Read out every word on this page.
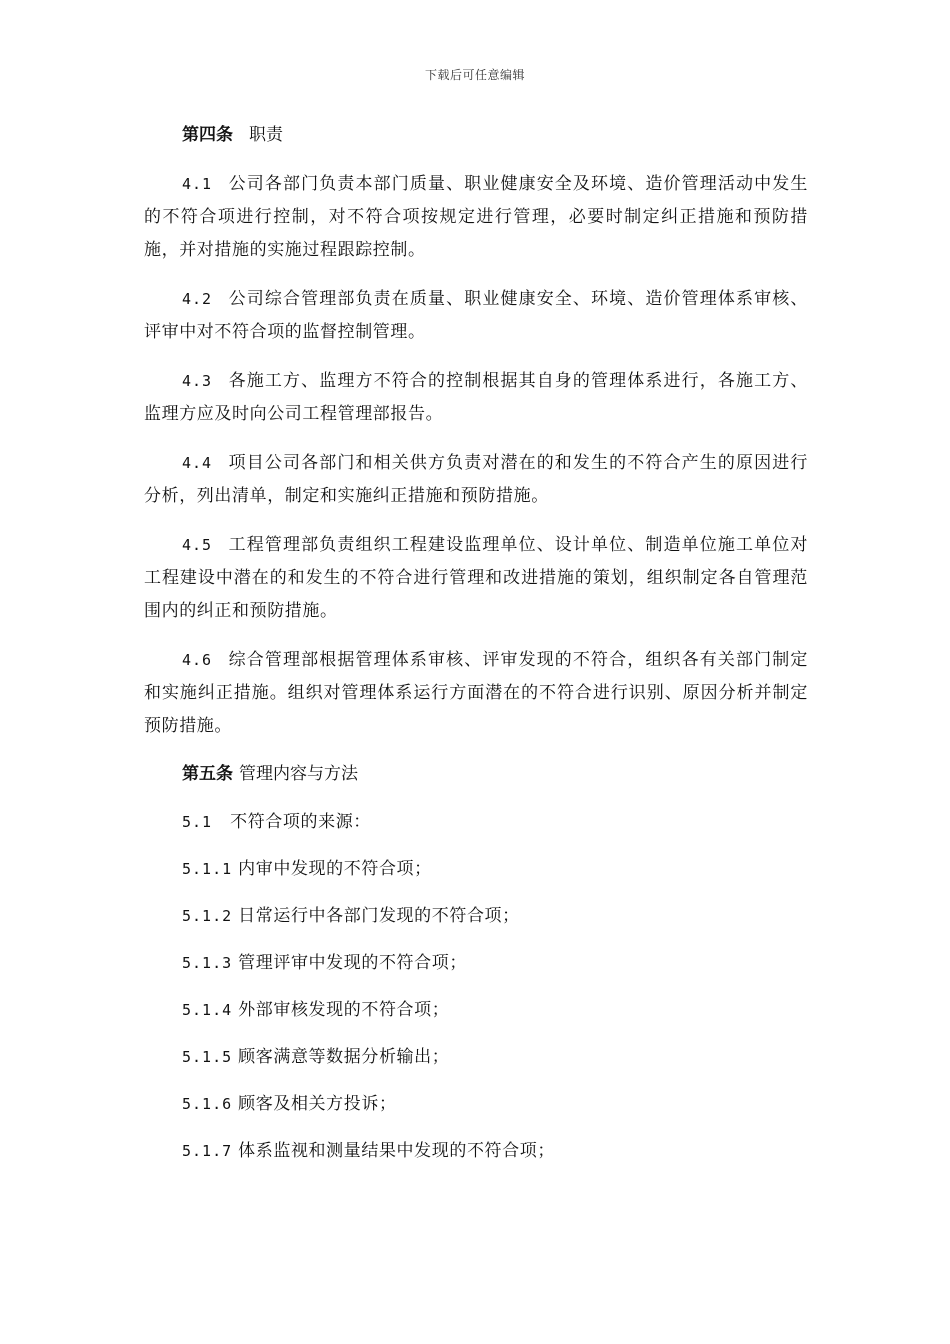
下载后可任意编辑
第四条 职责

4.1 公司各部门负责本部门质量、职业健康安全及环境、造价管理活动中发生的不符合项进行控制，对不符合项按规定进行管理，必要时制定纠正措施和预防措施，并对措施的实施过程跟踪控制。

4.2 公司综合管理部负责在质量、职业健康安全、环境、造价管理体系审核、评审中对不符合项的监督控制管理。

4.3 各施工方、监理方不符合的控制根据其自身的管理体系进行，各施工方、监理方应及时向公司工程管理部报告。

4.4 项目公司各部门和相关供方负责对潜在的和发生的不符合产生的原因进行分析，列出清单，制定和实施纠正措施和预防措施。

4.5 工程管理部负责组织工程建设监理单位、设计单位、制造单位施工单位对工程建设中潜在的和发生的不符合进行管理和改进措施的策划，组织制定各自管理范围内的纠正和预防措施。

4.6 综合管理部根据管理体系审核、评审发现的不符合，组织各有关部门制定和实施纠正措施。组织对管理体系运行方面潜在的不符合进行识别、原因分析并制定预防措施。

第五条 管理内容与方法
5.1 不符合项的来源：
5.1.1 内审中发现的不符合项；
5.1.2 日常运行中各部门发现的不符合项；
5.1.3 管理评审中发现的不符合项；
5.1.4 外部审核发现的不符合项；
5.1.5 顾客满意等数据分析输出；
5.1.6 顾客及相关方投诉；
5.1.7 体系监视和测量结果中发现的不符合项；
